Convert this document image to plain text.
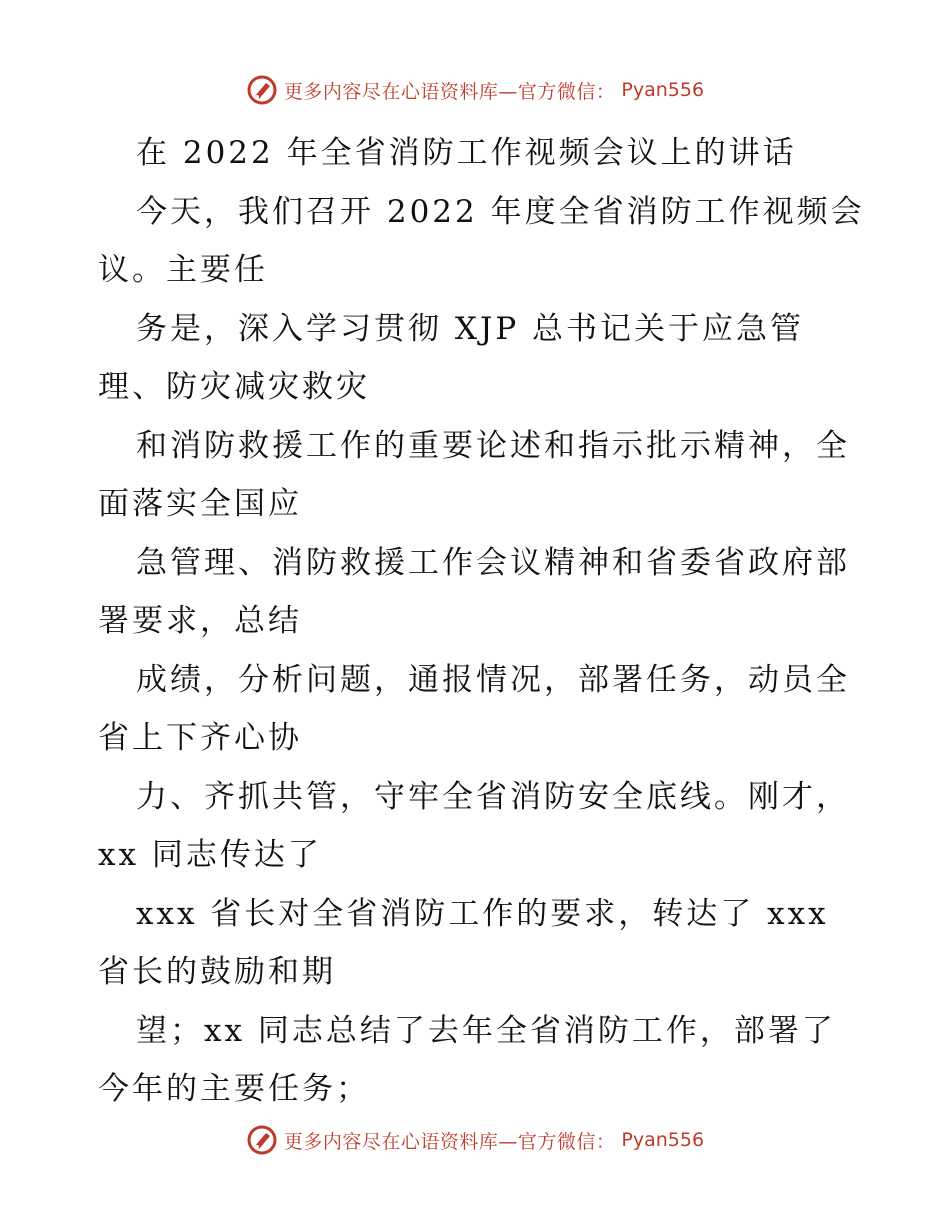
更多内容尽在心语资料库—官方微信： Pyan556
在 2022 年全省消防工作视频会议上的讲话
今天，我们召开 2022 年度全省消防工作视频会
议。主要任
务是，深入学习贯彻 XJP 总书记关于应急管
理、防灾减灾救灾
和消防救援工作的重要论述和指示批示精神，全
面落实全国应
急管理、消防救援工作会议精神和省委省政府部
署要求，总结
成绩，分析问题，通报情况，部署任务，动员全
省上下齐心协
力、齐抓共管，守牢全省消防安全底线。刚才，
xx 同志传达了
xxx 省长对全省消防工作的要求，转达了 xxx
省长的鼓励和期
望；xx 同志总结了去年全省消防工作，部署了
今年的主要任务；
更多内容尽在心语资料库—官方微信： Pyan556
